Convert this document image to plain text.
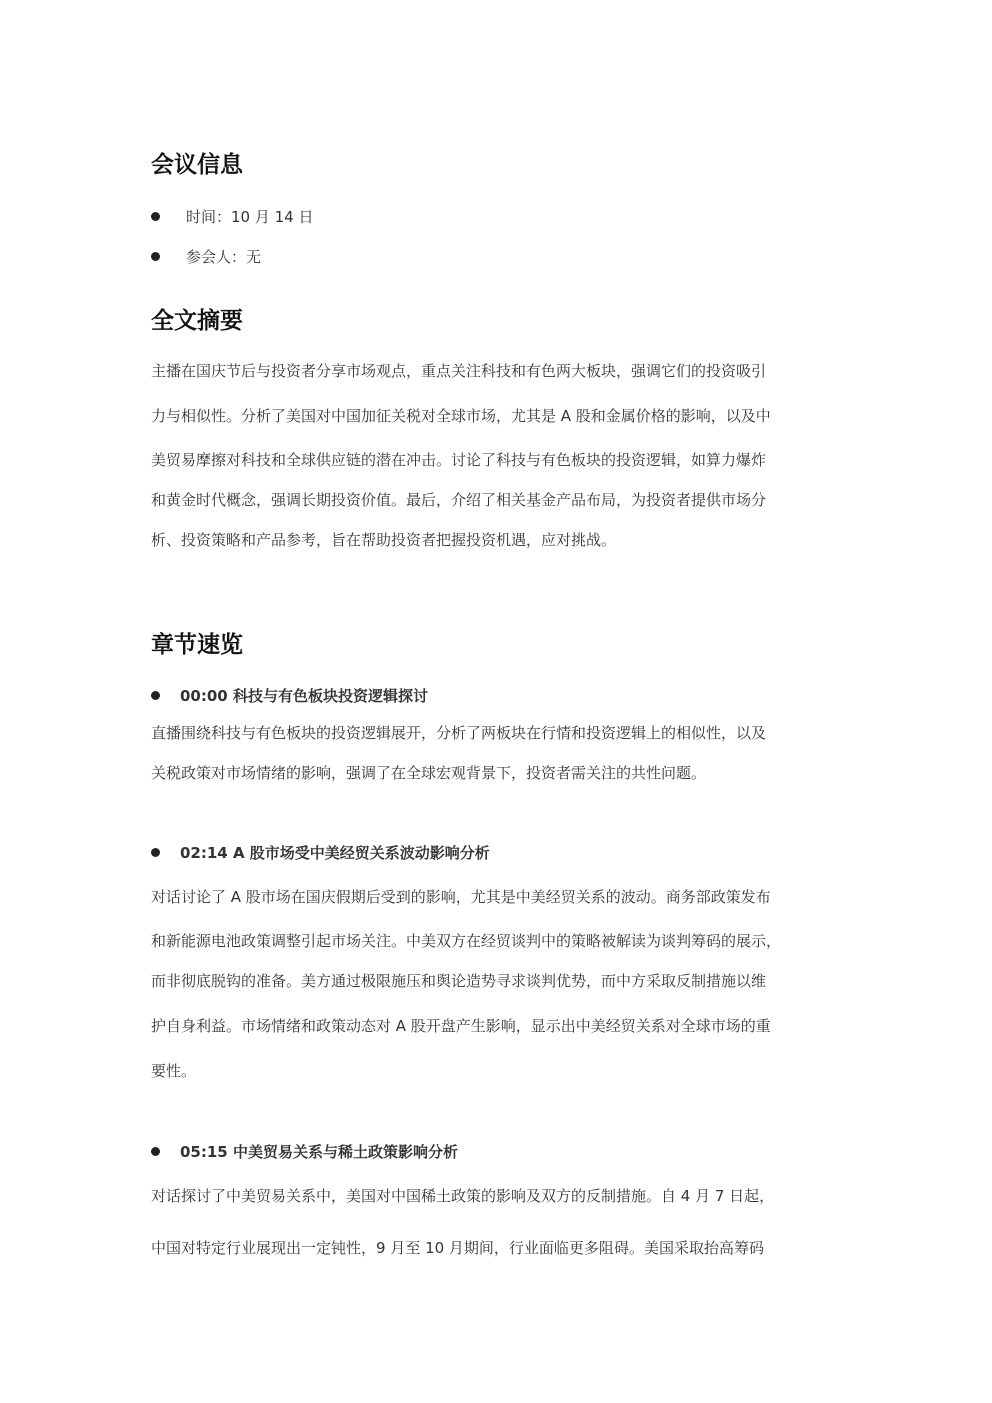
会议信息
时间：10 月 14 日
参会人：无
全文摘要
主播在国庆节后与投资者分享市场观点，重点关注科技和有色两大板块，强调它们的投资吸引
力与相似性。分析了美国对中国加征关税对全球市场，尤其是 A 股和金属价格的影响，以及中
美贸易摩擦对科技和全球供应链的潜在冲击。讨论了科技与有色板块的投资逻辑，如算力爆炸
和黄金时代概念，强调长期投资价值。最后，介绍了相关基金产品布局，为投资者提供市场分
析、投资策略和产品参考，旨在帮助投资者把握投资机遇，应对挑战。
章节速览
00:00 科技与有色板块投资逻辑探讨
直播围绕科技与有色板块的投资逻辑展开，分析了两板块在行情和投资逻辑上的相似性，以及
关税政策对市场情绪的影响，强调了在全球宏观背景下，投资者需关注的共性问题。
02:14 A 股市场受中美经贸关系波动影响分析
对话讨论了 A 股市场在国庆假期后受到的影响，尤其是中美经贸关系的波动。商务部政策发布
和新能源电池政策调整引起市场关注。中美双方在经贸谈判中的策略被解读为谈判筹码的展示，
而非彻底脱钩的准备。美方通过极限施压和舆论造势寻求谈判优势，而中方采取反制措施以维
护自身利益。市场情绪和政策动态对 A 股开盘产生影响，显示出中美经贸关系对全球市场的重
要性。
05:15 中美贸易关系与稀土政策影响分析
对话探讨了中美贸易关系中，美国对中国稀土政策的影响及双方的反制措施。自 4 月 7 日起，
中国对特定行业展现出一定钝性，9 月至 10 月期间，行业面临更多阻碍。美国采取抬高筹码
